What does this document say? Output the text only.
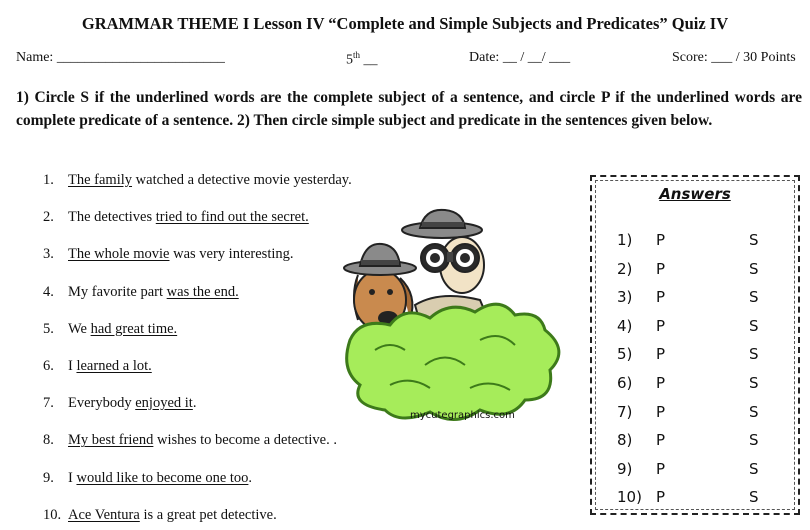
GRAMMAR THEME I Lesson IV “Complete and Simple Subjects and Predicates” Quiz IV
Name: ________________________	5th __	Date: __ / __/ ___	Score: ___ / 30 Points
1) Circle S if the underlined words are the complete subject of a sentence, and circle P if the underlined words are complete predicate of a sentence. 2) Then circle simple subject and predicate in the sentences given below.
1. The family watched a detective movie yesterday.
2. The detectives tried to find out the secret.
3. The whole movie was very interesting.
4. My favorite part was the end.
5. We had great time.
6. I learned a lot.
7. Everybody enjoyed it.
8. My best friend wishes to become a detective. .
9. I would like to become one too.
10. Ace Ventura is a great pet detective.
mycutegraphics.com
Answers
1) P	S
2) P	S
3) P	S
4) P	S
5) P	S
6) P	S
7) P	S
8) P	S
9) P	S
10) P	S
